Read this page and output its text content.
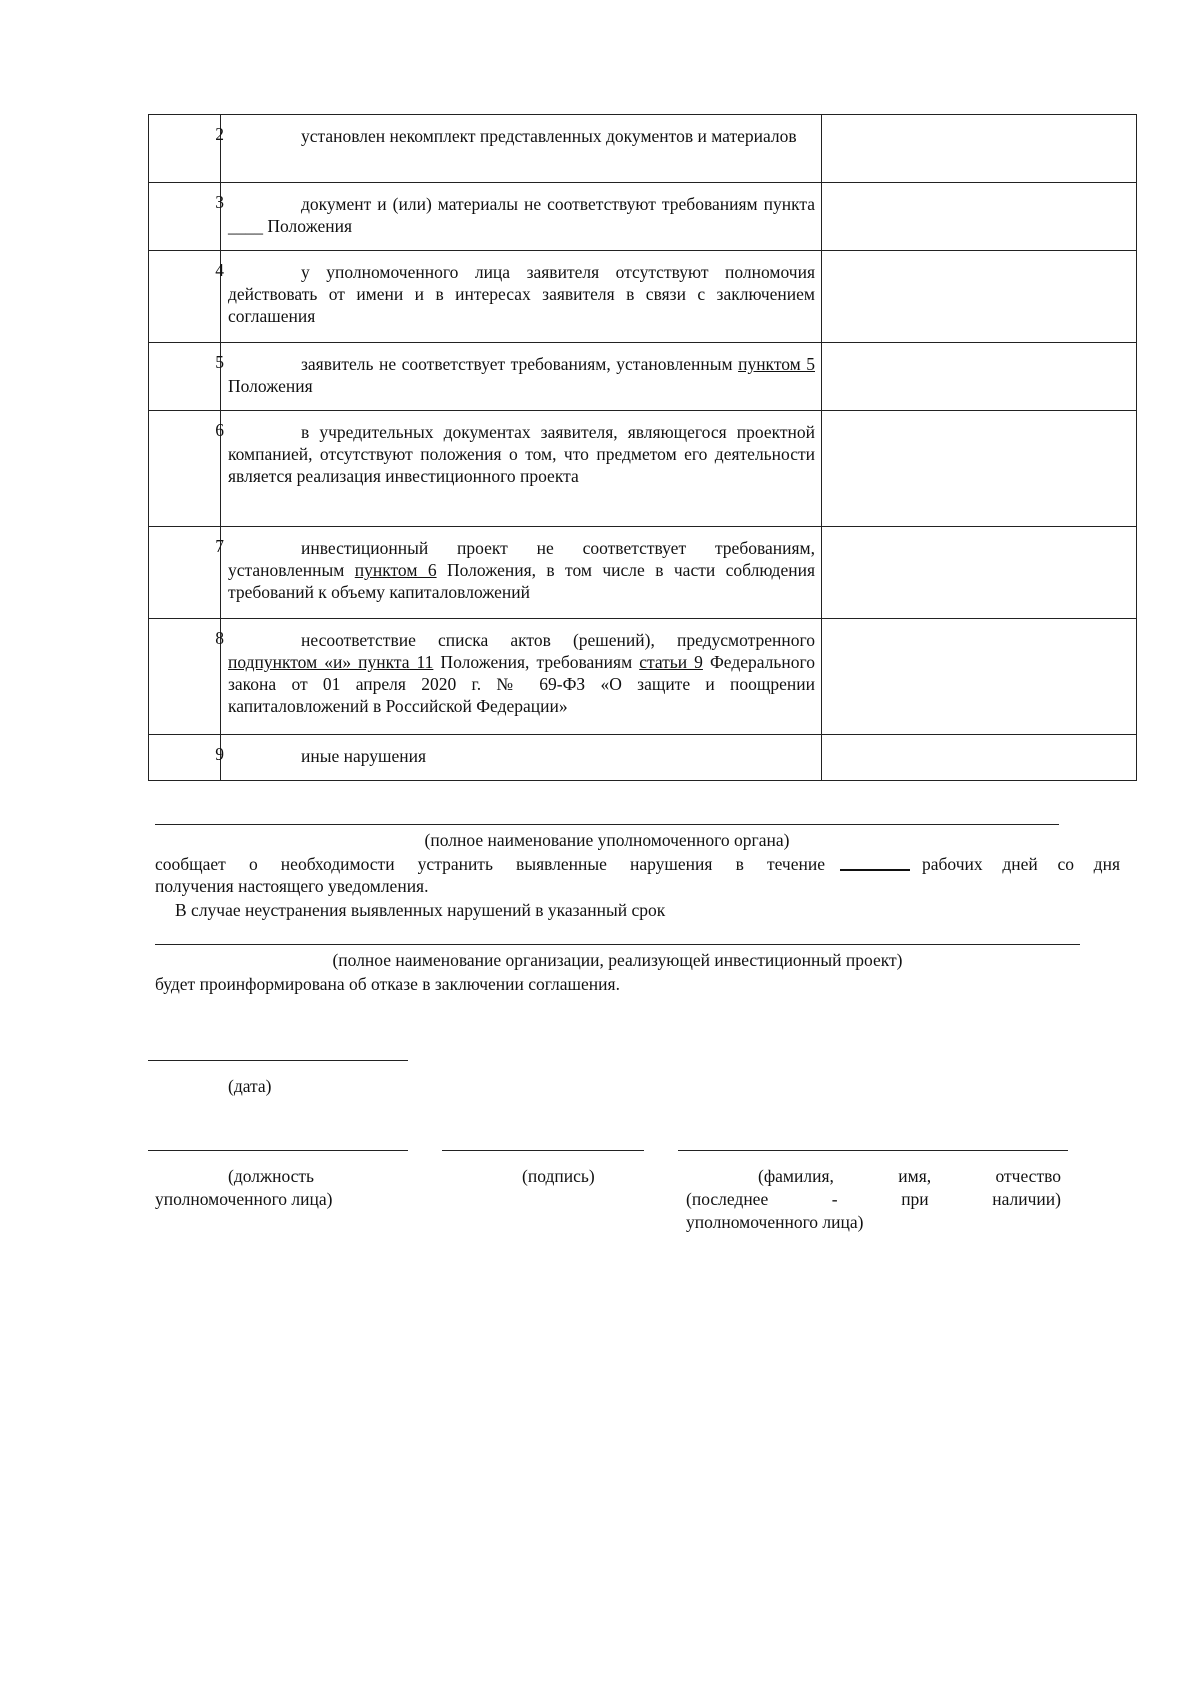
2	установлен некомплект представленных документов и материалов
3	документ и (или) материалы не соответствуют требованиям пункта ____ Положения
4	у уполномоченного лица заявителя отсутствуют полномочия действовать от имени и в интересах заявителя в связи с заключением соглашения
5	заявитель не соответствует требованиям, установленным пунктом 5 Положения
6	в учредительных документах заявителя, являющегося проектной компанией, отсутствуют положения о том, что предметом его деятельности является реализация инвестиционного проекта
7	инвестиционный проект не соответствует требованиям, установленным пунктом 6 Положения, в том числе в части соблюдения требований к объему капиталовложений
8	несоответствие списка актов (решений), предусмотренного подпунктом «и» пункта 11 Положения, требованиям статьи 9 Федерального закона от 01 апреля 2020 г. № 69-ФЗ «О защите и поощрении капиталовложений в Российской Федерации»
9	иные нарушения

(полное наименование уполномоченного органа)

сообщает о необходимости устранить выявленные нарушения в течение	рабочих дней со дня

получения настоящего уведомления.

В случае неустранения выявленных нарушений в указанный срок

(полное наименование организации, реализующей инвестиционный проект)

будет проинформирована об отказе в заключении соглашения.

(дата)

(должность

уполномоченного лица)

(подпись)	(фамилия, имя, отчество

(последнее - при наличии)

уполномоченного лица)
